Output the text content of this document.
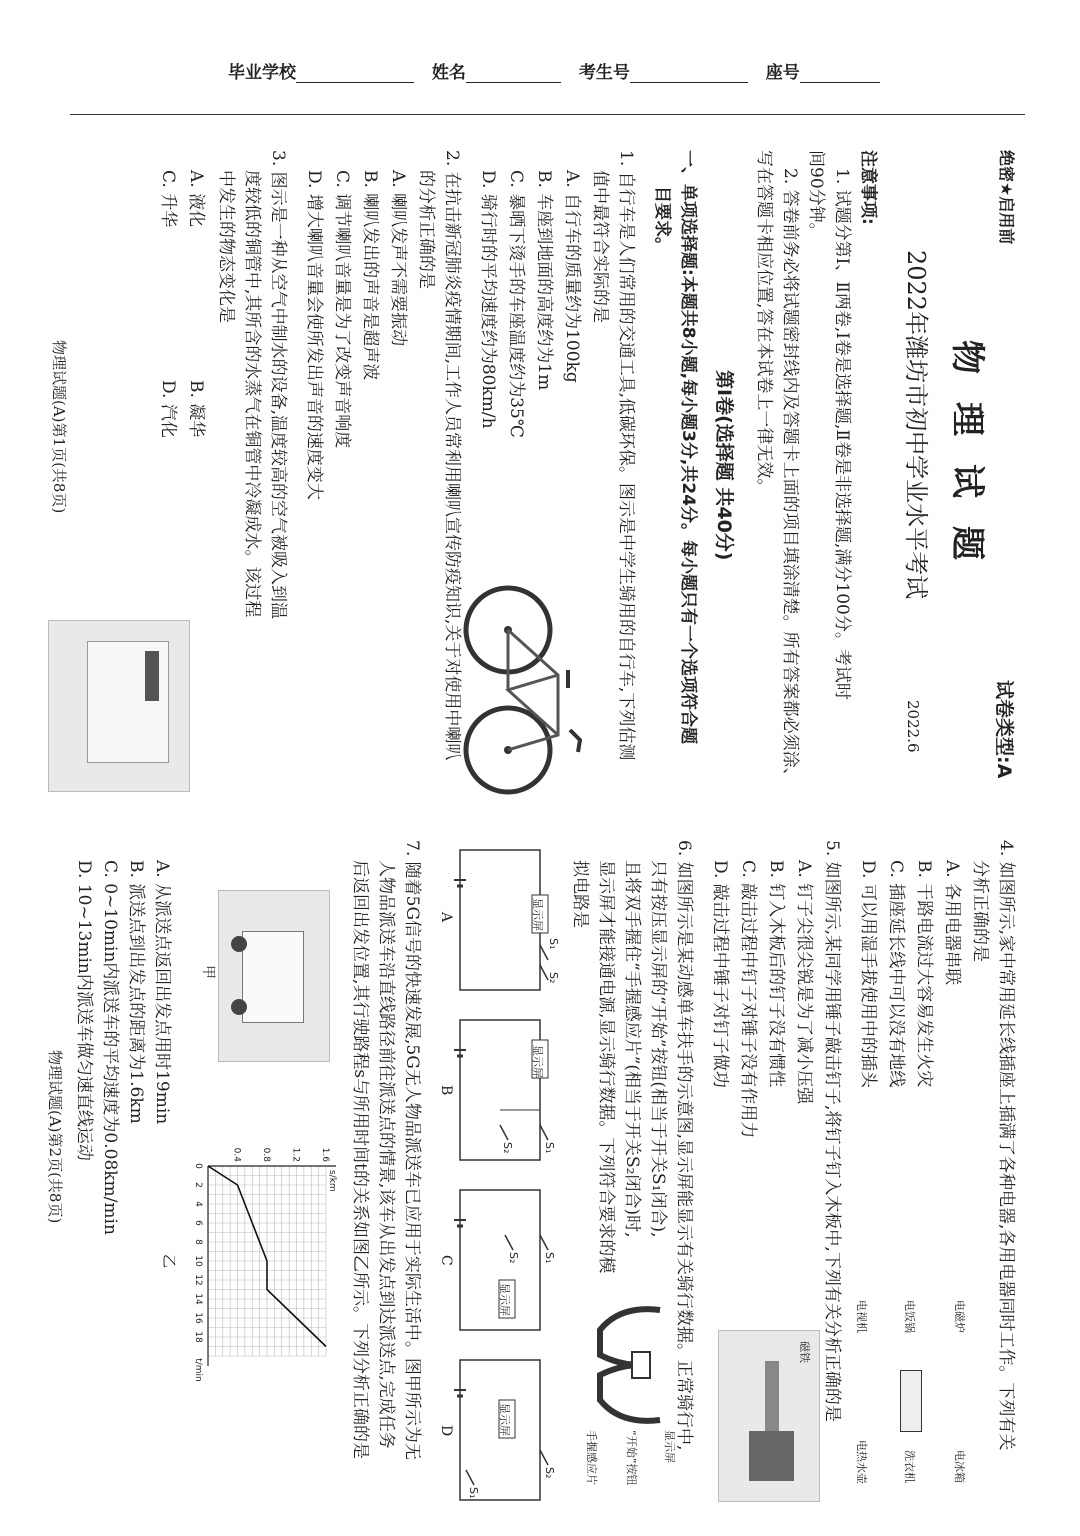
毕业学校	姓名	考生号	座号
绝密★启用前
试卷类型:A
物理试题
2022年潍坊市初中学业水平考试
2022.6
注意事项:
1. 试题分第Ⅰ、Ⅱ两卷,Ⅰ卷是选择题,Ⅱ卷是非选择题,满分100分。考试时
间90分钟。
2. 答卷前务必将试题密封线内及答题卡上面的项目填涂清楚。所有答案都必须涂、
写在答题卡相应位置,答在本试卷上一律无效。
第Ⅰ卷(选择题 共40分)
一、单项选择题:本题共8小题,每小题3分,共24分。每小题只有一个选项符合题
目要求。
1. 自行车是人们常用的交通工具,低碳环保。图示是中学生骑用的自行车,下列估测
值中最符合实际的是
A. 自行车的质量约为100kg
B. 车座到地面的高度约为1m
C. 暴晒下烫手的车座温度约为35℃
D. 骑行时的平均速度约为80km/h
2. 在抗击新冠肺炎疫情期间,工作人员常利用喇叭宣传防疫知识,关于对使用中喇叭
的分析正确的是
A. 喇叭发声不需要振动
B. 喇叭发出的声音是超声波
C. 调节喇叭音量是为了改变声音响度
D. 增大喇叭音量会使所发出声音的速度变大
3. 图示是一种从空气中制水的设备,温度较高的空气被吸入到温
度较低的铜管中,其所含的水蒸气在铜管中冷凝成水。该过程
中发生的物态变化是
A. 液化
B. 凝华
C. 升华
D. 汽化
物理试题(A)第1页(共8页)
4. 如图所示,家中常用延长线插座上插满了各种电器,各用电器同时工作。下列有关
分析正确的是
A. 各用电器串联
B. 干路电流过大容易发生火灾
C. 插座延长线中可以没有地线
D. 可以用湿手拔使用中的插头
电磁炉
电冰箱
电饭锅
洗衣机
电视机
电热水壶
5. 如图所示,某同学用锤子敲击钉子,将钉子钉入木板中,下列有关分析正确的是
A. 钉子尖很尖锐是为了减小压强
B. 钉入木板后的钉子没有惯性
C. 敲击过程中钉子对锤子没有作用力
D. 敲击过程中锤子对钉子做功
磁铁
6. 如图所示是某动感单车扶手的示意图,显示屏能显示有关骑行数据。正常骑行中,
只有按压显示屏的“开始”按钮(相当于开关S₁闭合),
且将双手握住“手握感应片”(相当于开关S₂闭合)时,
显示屏才能接通电源,显示骑行数据。下列符合要求的模
拟电路是
显示屏
“开始”按钮
手握感应片
显示屏
显示屏
显示屏
显示屏
S₁
S₂
S₁
S₂
S₁
S₂
S₂
S₁
A
B
C
D
7. 随着5G信号的快速发展,5G无人物品派送车已应用于实际生活中。图甲所示为无
人物品派送车沿直线路径前往派送点的情景,该车从出发点到达派送点,完成任务
后返回出发位置,其行驶路程s与所用时间t的关系如图乙所示。下列分析正确的是
甲
0
2
4
6
8
10
12
14
16
18
0.4 0.8 1.2 1.6
t/min
s/km
乙
A. 从派送点返回出发点用时19min
B. 派送点到出发点的距离为1.6km
C. 0~10min内派送车的平均速度为0.08km/min
D. 10~13min内派送车做匀速直线运动
物理试题(A)第2页(共8页)
